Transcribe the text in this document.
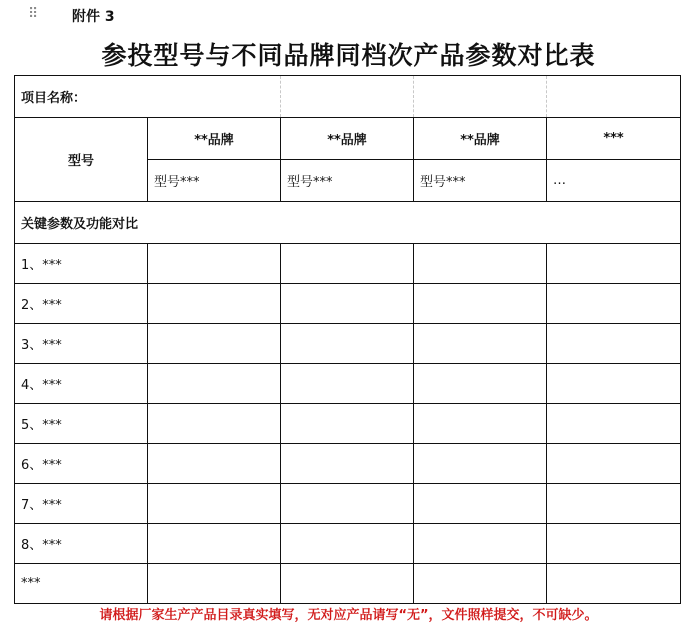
⠿ 附件 3
参投型号与不同品牌同档次产品参数对比表
项目名称：				
型号	**品牌	**品牌	**品牌	***
	型号***	型号***	型号***	…
关键参数及功能对比				
1、***				
2、***				
3、***				
4、***				
5、***				
6、***				
7、***				
8、***				
***				
请根据厂家生产产品目录真实填写，无对应产品请写“无”，文件照样提交，不可缺少。
